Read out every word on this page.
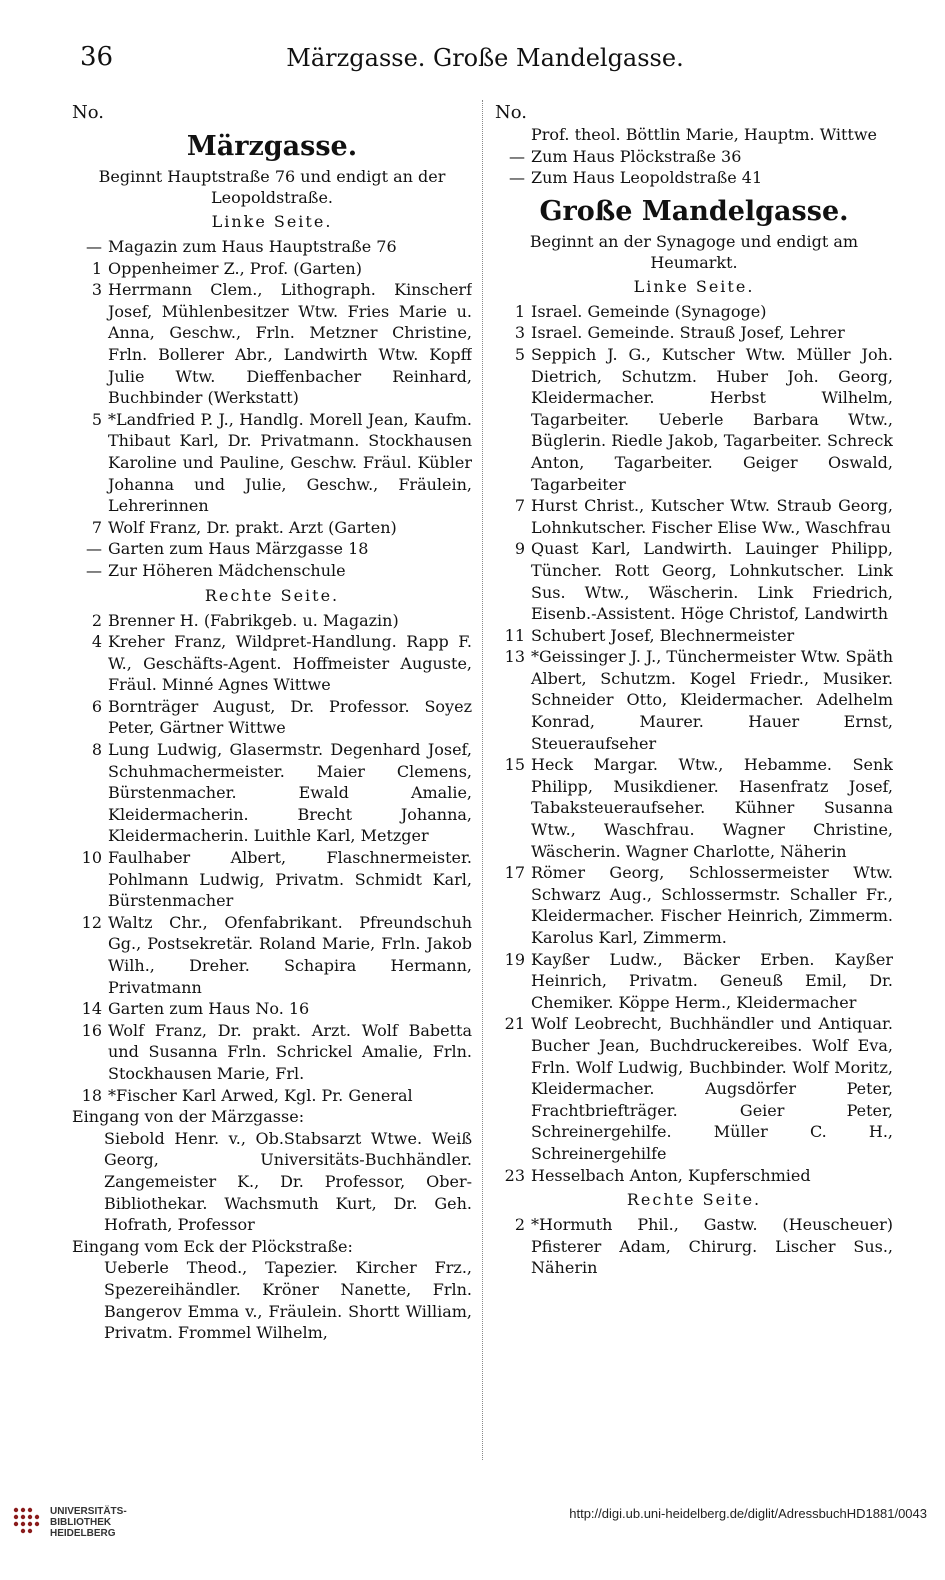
36	Märzgasse. Große Mandelgasse.
No.
Märzgasse.
Beginnt Hauptstraße 76 und endigt an der Leopoldstraße.
Linke Seite.
— Magazin zum Haus Hauptstraße 76
1 Oppenheimer Z., Prof. (Garten)
3 Herrmann Clem., Lithograph. Kinscherf Josef, Mühlenbesitzer Wtw. Fries Marie u. Anna, Geschw., Frln. Metzner Christine, Frln. Bollerer Abr., Landwirth Wtw. Kopff Julie Wtw. Dieffenbacher Reinhard, Buchbinder (Werkstatt)
5 *Landfried P. J., Handlg. Morell Jean, Kaufm. Thibaut Karl, Dr. Privatmann. Stockhausen Karoline und Pauline, Geschw. Fräul. Kübler Johanna und Julie, Geschw., Fräulein, Lehrerinnen
7 Wolf Franz, Dr. prakt. Arzt (Garten)
— Garten zum Haus Märzgasse 18
— Zur Höheren Mädchenschule
Rechte Seite.
2 Brenner H. (Fabrikgeb. u. Magazin)
4 Kreher Franz, Wildpret-Handlung. Rapp F. W., Geschäfts-Agent. Hoffmeister Auguste, Fräul. Minné Agnes Wittwe
6 Bornträger August, Dr. Professor. Soyez Peter, Gärtner Wittwe
8 Lung Ludwig, Glasermstr. Degenhard Josef, Schuhmachermeister. Maier Clemens, Bürstenmacher. Ewald Amalie, Kleidermacherin. Brecht Johanna, Kleidermacherin. Luithle Karl, Metzger
10 Faulhaber Albert, Flaschnermeister. Pohlmann Ludwig, Privatm. Schmidt Karl, Bürstenmacher
12 Waltz Chr., Ofenfabrikant. Pfreundschuh Gg., Postsekretär. Roland Marie, Frln. Jakob Wilh., Dreher. Schapira Hermann, Privatmann
14 Garten zum Haus No. 16
16 Wolf Franz, Dr. prakt. Arzt. Wolf Babetta und Susanna Frln. Schrickel Amalie, Frln. Stockhausen Marie, Frl.
18 *Fischer Karl Arwed, Kgl. Pr. General
Eingang von der Märzgasse:
Siebold Henr. v., Ob.Stabsarzt Wtwe. Weiß Georg, Universitäts-Buchhändler. Zangemeister K., Dr. Professor, Ober-Bibliothekar. Wachsmuth Kurt, Dr. Geh. Hofrath, Professor
Eingang vom Eck der Plöckstraße:
Ueberle Theod., Tapezier. Kircher Frz., Spezereihändler. Kröner Nanette, Frln. Bangerov Emma v., Fräulein. Shortt William, Privatm. Frommel Wilhelm,
No.
Prof. theol. Böttlin Marie, Hauptm. Wittwe
— Zum Haus Plöckstraße 36
— Zum Haus Leopoldstraße 41
Große Mandelgasse.
Beginnt an der Synagoge und endigt am Heumarkt.
Linke Seite.
1 Israel. Gemeinde (Synagoge)
3 Israel. Gemeinde. Strauß Josef, Lehrer
5 Seppich J. G., Kutscher Wtw. Müller Joh. Dietrich, Schutzm. Huber Joh. Georg, Kleidermacher. Herbst Wilhelm, Tagarbeiter. Ueberle Barbara Wtw., Büglerin. Riedle Jakob, Tagarbeiter. Schreck Anton, Tagarbeiter. Geiger Oswald, Tagarbeiter
7 Hurst Christ., Kutscher Wtw. Straub Georg, Lohnkutscher. Fischer Elise Ww., Waschfrau
9 Quast Karl, Landwirth. Lauinger Philipp, Tüncher. Rott Georg, Lohnkutscher. Link Sus. Wtw., Wäscherin. Link Friedrich, Eisenb.-Assistent. Höge Christof, Landwirth
11 Schubert Josef, Blechnermeister
13 *Geissinger J. J., Tünchermeister Wtw. Späth Albert, Schutzm. Kogel Friedr., Musiker. Schneider Otto, Kleidermacher. Adelhelm Konrad, Maurer. Hauer Ernst, Steueraufseher
15 Heck Margar. Wtw., Hebamme. Senk Philipp, Musikdiener. Hasenfratz Josef, Tabaksteueraufseher. Kühner Susanna Wtw., Waschfrau. Wagner Christine, Wäscherin. Wagner Charlotte, Näherin
17 Römer Georg, Schlossermeister Wtw. Schwarz Aug., Schlossermstr. Schaller Fr., Kleidermacher. Fischer Heinrich, Zimmerm. Karolus Karl, Zimmerm.
19 Kayßer Ludw., Bäcker Erben. Kayßer Heinrich, Privatm. Geneuß Emil, Dr. Chemiker. Köppe Herm., Kleidermacher
21 Wolf Leobrecht, Buchhändler und Antiquar. Bucher Jean, Buchdruckereibes. Wolf Eva, Frln. Wolf Ludwig, Buchbinder. Wolf Moritz, Kleidermacher. Augsdörfer Peter, Frachtbriefträger. Geier Peter, Schreinergehilfe. Müller C. H., Schreinergehilfe
23 Hesselbach Anton, Kupferschmied
Rechte Seite.
2 *Hormuth Phil., Gastw. (Heuscheuer) Pfisterer Adam, Chirurg. Lischer Sus., Näherin
UNIVERSITÄTS-
BIBLIOTHEK
HEIDELBERG
http://digi.ub.uni-heidelberg.de/diglit/AdressbuchHD1881/0043
